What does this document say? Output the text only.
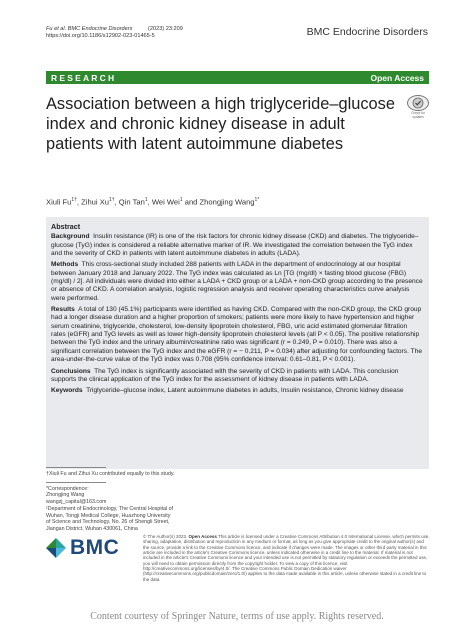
Fu et al. BMC Endocrine Disorders	(2023) 23:209
https://doi.org/10.1186/s12902-023-01465-5	BMC Endocrine Disorders
RESEARCH	Open Access
Association between a high triglyceride–glucose index and chronic kidney disease in adult patients with latent autoimmune diabetes
Check for updates
Xiuli $Fu^{1\dagger}$, Zihui $Xu^{1\dagger}$, Qin Tan$^1$, Wei Wei$^1$ and Zhongjing Wang$^{1*}$
Abstract

Background Insulin resistance (IR) is one of the risk factors for chronic kidney disease (CKD) and diabetes. The triglyceride–glucose (TyG) index is considered a reliable alternative marker of IR. We investigated the correlation between the TyG index and the severity of CKD in patients with latent autoimmune diabetes in adults (LADA).

Methods This cross-sectional study included 288 patients with LADA in the department of endocrinology at our hospital between January 2018 and January 2022. The TyG index was calculated as Ln [TG (mg/dl) × fasting blood glucose (FBG) (mg/dl) / 2]. All individuals were divided into either a LADA + CKD group or a LADA + non-CKD group according to the presence or absence of CKD. A correlation analysis, logistic regression analysis and receiver operating characteristics curve analysis were performed.

Results A total of 130 (45.1%) participants were identified as having CKD. Compared with the non-CKD group, the CKD group had a longer disease duration and a higher proportion of smokers; patients were more likely to have hypertension and higher serum creatinine, triglyceride, cholesterol, low-density lipoprotein cholesterol, FBG, uric acid estimated glomerular filtration rates (eGFR) and TyG levels as well as lower high-density lipoprotein cholesterol levels (all P < 0.05). The positive relationship between the TyG index and the urinary albumin/creatinine ratio was significant (r = 0.249, P = 0.010). There was also a significant correlation between the TyG index and the eGFR (r = − 0.211, P = 0.034) after adjusting for confounding factors. The area-under-the-curve value of the TyG index was 0.708 (95% confidence interval: 0.61–0.81, P < 0.001).

Conclusions The TyG index is significantly associated with the severity of CKD in patients with LADA. This conclusion supports the clinical application of the TyG index for the assessment of kidney disease in patients with LADA.

Keywords Triglyceride–glucose index, Latent autoimmune diabetes in adults, Insulin resistance, Chronic kidney disease

†Xiuli Fu and Zihui Xu contributed equally to this study.
*Correspondence:
Zhongjing Wang
wangzj_capital@163.com
¹Department of Endocrinology, The Central Hospital of Wuhan, Tongji Medical College, Huazhong University of Science and Technology, No. 26 of Shengli Street, Jiangan District, Wuhan 430061, China
BMC	© The Author(s) 2023. Open Access This article is licensed under a Creative Commons Attribution 4.0 International License, which permits use, sharing, adaptation, distribution and reproduction in any medium or format, as long as you give appropriate credit to the original author(s) and the source, provide a link to the Creative Commons licence, and indicate if changes were made. The images or other third party material in this article are included in the article's Creative Commons licence, unless indicated otherwise in a credit line to the material. If material is not included in the article's Creative Commons licence and your intended use is not permitted by statutory regulation or exceeds the permitted use, you will need to obtain permission directly from the copyright holder. To view a copy of this licence, visit http://creativecommons.org/licenses/by/4.0/. The Creative Commons Public Domain Dedication waiver (http://creativecommons.org/publicdomain/zero/1.0/) applies to the data made available in this article, unless otherwise stated in a credit line to the data.
Content courtesy of Springer Nature, terms of use apply. Rights reserved.
